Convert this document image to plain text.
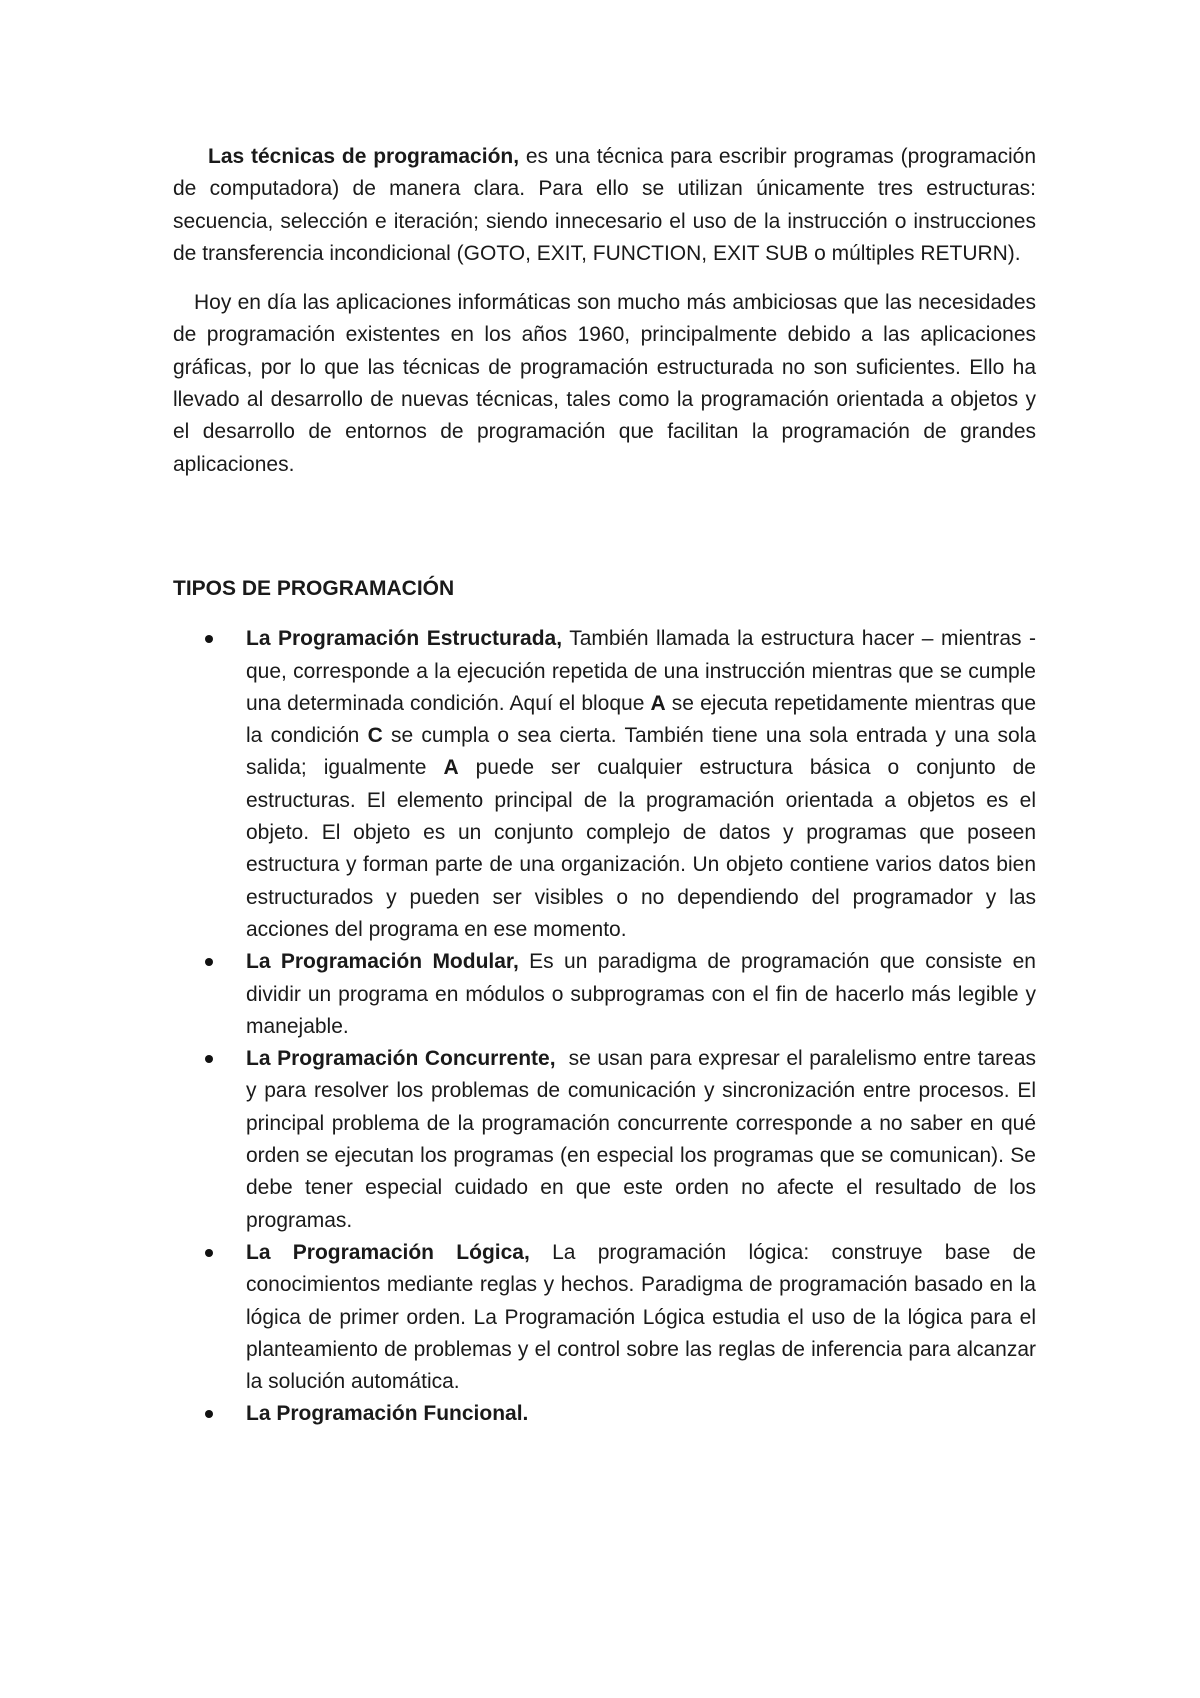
Las técnicas de programación, es una técnica para escribir programas (programación de computadora) de manera clara. Para ello se utilizan únicamente tres estructuras: secuencia, selección e iteración; siendo innecesario el uso de la instrucción o instrucciones de transferencia incondicional (GOTO, EXIT, FUNCTION, EXIT SUB o múltiples RETURN).

Hoy en día las aplicaciones informáticas son mucho más ambiciosas que las necesidades de programación existentes en los años 1960, principalmente debido a las aplicaciones gráficas, por lo que las técnicas de programación estructurada no son suficientes. Ello ha llevado al desarrollo de nuevas técnicas, tales como la programación orientada a objetos y el desarrollo de entornos de programación que facilitan la programación de grandes aplicaciones.

TIPOS DE PROGRAMACIÓN
La Programación Estructurada, También llamada la estructura hacer – mientras - que, corresponde a la ejecución repetida de una instrucción mientras que se cumple una determinada condición. Aquí el bloque A se ejecuta repetidamente mientras que la condición C se cumpla o sea cierta. También tiene una sola entrada y una sola salida; igualmente A puede ser cualquier estructura básica o conjunto de estructuras. El elemento principal de la programación orientada a objetos es el objeto. El objeto es un conjunto complejo de datos y programas que poseen estructura y forman parte de una organización. Un objeto contiene varios datos bien estructurados y pueden ser visibles o no dependiendo del programador y las acciones del programa en ese momento.
La Programación Modular, Es un paradigma de programación que consiste en dividir un programa en módulos o subprogramas con el fin de hacerlo más legible y manejable.
La Programación Concurrente,  se usan para expresar el paralelismo entre tareas y para resolver los problemas de comunicación y sincronización entre procesos. El principal problema de la programación concurrente corresponde a no saber en qué orden se ejecutan los programas (en especial los programas que se comunican). Se debe tener especial cuidado en que este orden no afecte el resultado de los programas.
La Programación Lógica, La programación lógica: construye base de conocimientos mediante reglas y hechos. Paradigma de programación basado en la lógica de primer orden. La Programación Lógica estudia el uso de la lógica para el planteamiento de problemas y el control sobre las reglas de inferencia para alcanzar la solución automática.
La Programación Funcional.
